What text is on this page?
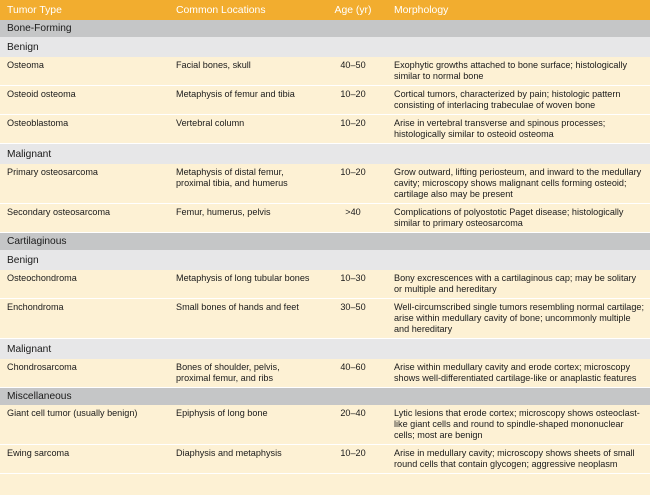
Tumor Type	Common Locations	Age (yr)	Morphology
Bone-Forming			
Benign			
Osteoma	Facial bones, skull	40–50	Exophytic growths attached to bone surface; histologically similar to normal bone
Osteoid osteoma	Metaphysis of femur and tibia	10–20	Cortical tumors, characterized by pain; histologic pattern consisting of interlacing trabeculae of woven bone
Osteoblastoma	Vertebral column	10–20	Arise in vertebral transverse and spinous processes; histologically similar to osteoid osteoma
Malignant			
Primary osteosarcoma	Metaphysis of distal femur, proximal tibia, and humerus	10–20	Grow outward, lifting periosteum, and inward to the medullary cavity; microscopy shows malignant cells forming osteoid; cartilage also may be present
Secondary osteosarcoma	Femur, humerus, pelvis	>40	Complications of polyostotic Paget disease; histologically similar to primary osteosarcoma
Cartilaginous			
Benign			
Osteochondroma	Metaphysis of long tubular bones	10–30	Bony excrescences with a cartilaginous cap; may be solitary or multiple and hereditary
Enchondroma	Small bones of hands and feet	30–50	Well-circumscribed single tumors resembling normal cartilage; arise within medullary cavity of bone; uncommonly multiple and hereditary
Malignant			
Chondrosarcoma	Bones of shoulder, pelvis, proximal femur, and ribs	40–60	Arise within medullary cavity and erode cortex; microscopy shows well-differentiated cartilage-like or anaplastic features
Miscellaneous			
Giant cell tumor (usually benign)	Epiphysis of long bone	20–40	Lytic lesions that erode cortex; microscopy shows osteoclast-like giant cells and round to spindle-shaped mononuclear cells; most are benign
Ewing sarcoma	Diaphysis and metaphysis	10–20	Arise in medullary cavity; microscopy shows sheets of small round cells that contain glycogen; aggressive neoplasm
